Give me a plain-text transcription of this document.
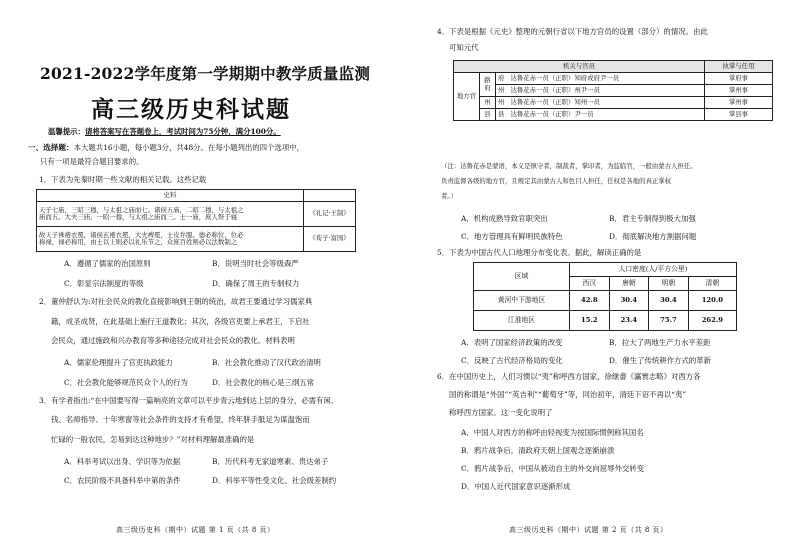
2021-2022学年度第一学期期中教学质量监测
高三级历史科试题
温馨提示：请将答案写在答题卷上，考试时间为75分钟，满分100分。
一、选择题：本大题共16小题，每小题3分，共48分。在每小题列出的四个选项中，
只有一项是最符合题目要求的。
1．下表为先秦时期一些文献的相关记载。这些记载
史料	

天子七庙，三昭三穆，与太祖之庙而七。诸侯五庙，二昭二穆，与太祖之
庙而五。大夫三庙，一昭一穆，与太祖之庙而三。士一庙，庶人祭于寝	《礼记·王制》

故天子袾裷衣冕，诸侯玄裷衣冕，大夫裨冕，士皮弁服。德必称位，位必
称禄，禄必称用，由士以上则必以礼乐节之，众庶百姓则必以法数制之	《荀子·富国》
A．遵循了儒家的治国原则	B．说明当时社会等级森严
C．彰显宗法制度的等级	D．确保了周王的专制权力
2．董仲舒认为:对社会民众的教化直接影响到王朝的统治，故君王要通过学习儒家典
籍，成圣成贤，在此基础上施行王道教化；其次，各级官吏要上承君王，下启社
会民众，通过施政和兴办教育等多种途径完成对社会民众的教化。材料表明
A．儒家伦理提升了官吏执政能力	B．社会教化推动了汉代政治清明
C．社会教化能够规范民众个人的行为	D．社会教化的核心是三纲五常
3．有学者指出:“在中国要写得一篇响亮的文章可以平步青云地到达上层的身分，必需有闲、
钱、名师指导、十年寒窗等社会条件的支持才有希望，终年胼手胝足为谋温饱而
忙碌的一般农民，怎易到达这种地步？”对材料理解最准确的是
A．科举考试以出身、学识等为依据	B．历代科考无家道寒素、贵达弟子
C．农民阶级不具备科举中第的条件	D．科举平等性受文化、社会级差制约
高三级历史科（期中）试题 第 1 页（共 8 页）
4．下表是根据《元史》整理的元朝行省以下地方官员的设置（部分）的情况。由此
可知元代
机关与官员			执掌与任用
地方官	路府	府 达鲁花赤一员（正职）知府或府尹一员	掌府事
		州 达鲁花赤一员（正职）州尹一员	掌州事
	州	州 达鲁花赤一员（正职）知州一员	掌州事
	县	县 达鲁花赤一员（正职）尹一员	掌县事
（注：达鲁花赤是蒙语，本义是镇守者，制裁者，掌印者，为监临官，一般由蒙古人担任。
负责监督各级的地方官，且规定其由蒙古人和色目人担任，任权是各地的真正掌权
者。）
A．机构成熟导致官职突出	B．君主专制得到极大加强
C．地方管理具有鲜明民族特色	D．彻底解决地方割据问题
5．下表为中国古代人口地理分布变化表。据此，解读正确的是
区域	人口密度(人/平方公里)			
	西汉	唐朝	明朝	清朝
黄河中下游地区	42.8	30.4	30.4	120.0
江淮地区	15.2	23.4	75.7	262.9
A．表明了国家经济政策的改变	B．拉大了两地生产力水平差距
C．反映了古代经济格局的变化	D．催生了传统耕作方式的革新
6．在中国历史上，人们习惯以“夷”称呼西方国家，徐继畬《瀛寰志略》对西方各
国的称谓是“外国”“英吉利”“葡萄牙”等，同治初年，清廷下诏不再以“夷”
称呼西方国家。这一变化说明了
A．中国人对西方的称呼由轻视变为按国际惯例称其国名
B．鸦片战争后，清政府天朝上国观念逐渐崩溃
C．鸦片战争后，中国从被动自主的外交向屈辱外交转变
D．中国人近代国家意识逐渐形成
高三级历史科（期中）试题 第 2 页（共 8 页）
